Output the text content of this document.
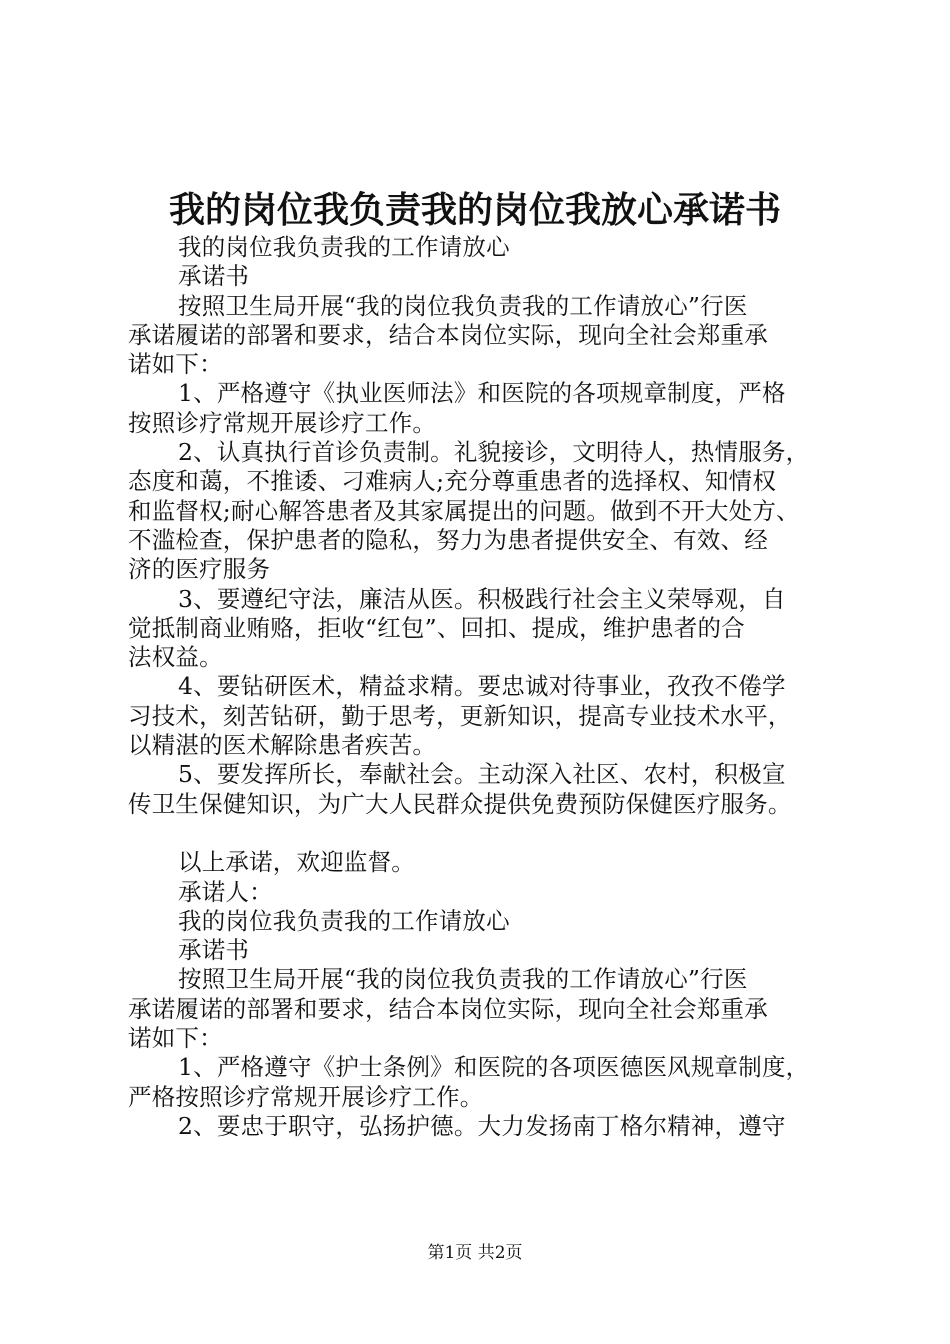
我的岗位我负责我的岗位我放心承诺书
我的岗位我负责我的工作请放心
承诺书
按照卫生局开展“我的岗位我负责我的工作请放心”行医
承诺履诺的部署和要求，结合本岗位实际，现向全社会郑重承
诺如下：
1、严格遵守《执业医师法》和医院的各项规章制度，严格
按照诊疗常规开展诊疗工作。
2、认真执行首诊负责制。礼貌接诊，文明待人，热情服务，
态度和蔼，不推诿、刁难病人;充分尊重患者的选择权、知情权
和监督权;耐心解答患者及其家属提出的问题。做到不开大处方、
不滥检查，保护患者的隐私，努力为患者提供安全、有效、经
济的医疗服务
3、要遵纪守法，廉洁从医。积极践行社会主义荣辱观，自
觉抵制商业贿赂，拒收“红包”、回扣、提成，维护患者的合
法权益。
4、要钻研医术，精益求精。要忠诚对待事业，孜孜不倦学
习技术，刻苦钻研，勤于思考，更新知识，提高专业技术水平，
以精湛的医术解除患者疾苦。
5、要发挥所长，奉献社会。主动深入社区、农村，积极宣
传卫生保健知识，为广大人民群众提供免费预防保健医疗服务。
以上承诺，欢迎监督。
承诺人：
我的岗位我负责我的工作请放心
承诺书
按照卫生局开展“我的岗位我负责我的工作请放心”行医
承诺履诺的部署和要求，结合本岗位实际，现向全社会郑重承
诺如下：
1、严格遵守《护士条例》和医院的各项医德医风规章制度，
严格按照诊疗常规开展诊疗工作。
2、要忠于职守，弘扬护德。大力发扬南丁格尔精神，遵守
第1页 共2页
